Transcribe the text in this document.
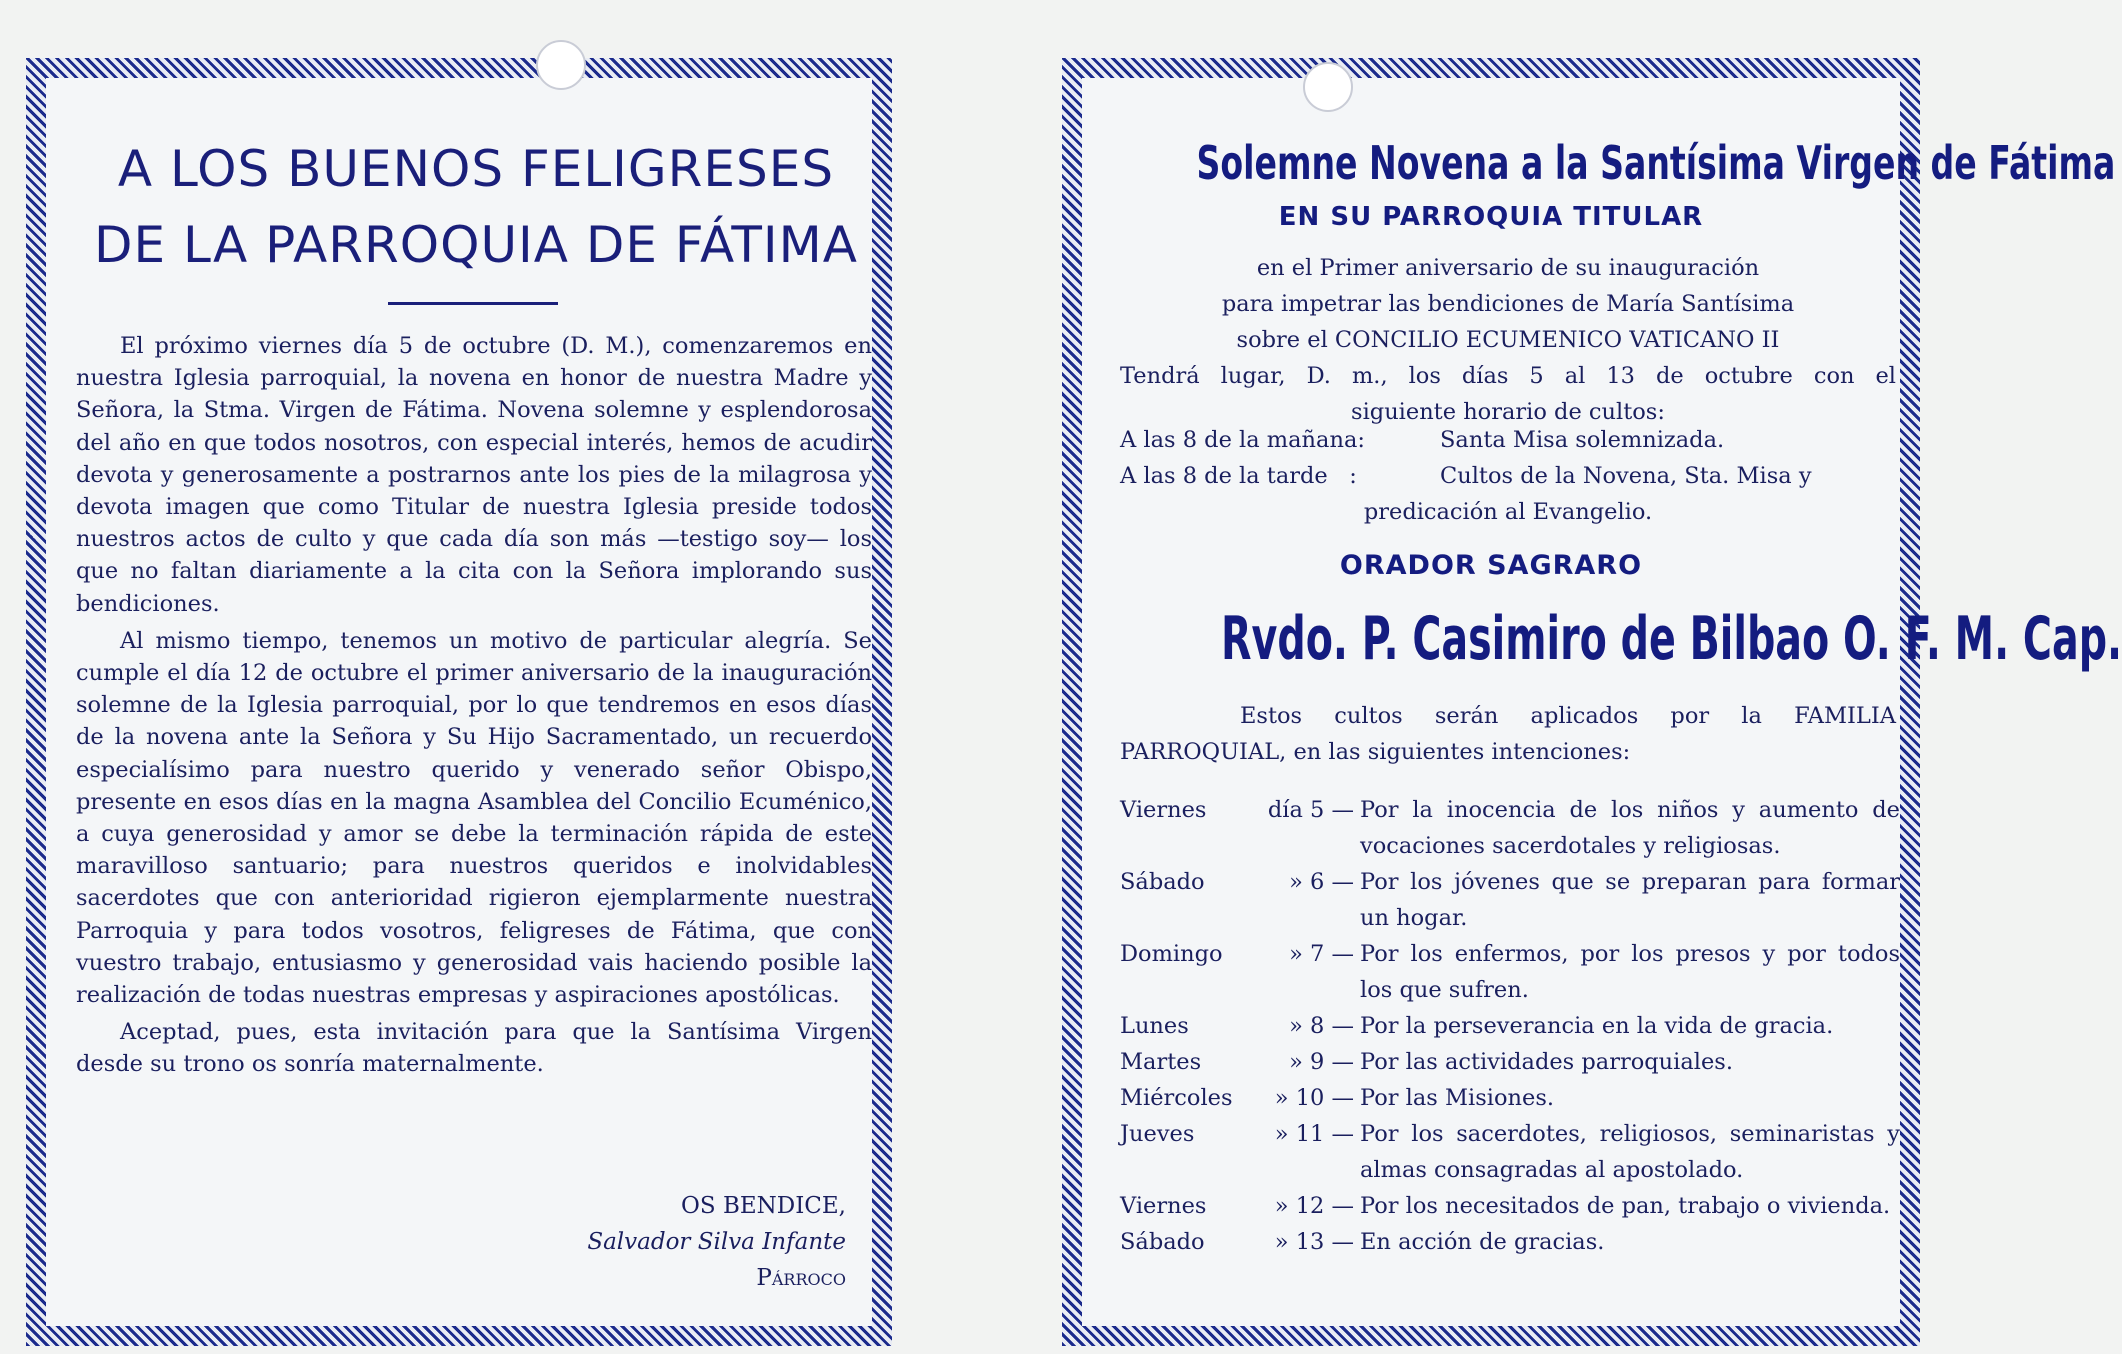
A LOS BUENOS FELIGRESES
DE LA PARROQUIA DE FÁTIMA

El próximo viernes día 5 de octubre (D. M.), comenzaremos en nuestra Iglesia parroquial, la novena en honor de nuestra Madre y Señora, la Stma. Virgen de Fátima. Novena solemne y esplendorosa del año en que todos nosotros, con especial interés, hemos de acudir devota y generosamente a postrarnos ante los pies de la milagrosa y devota imagen que como Titular de nuestra Iglesia preside todos nuestros actos de culto y que cada día son más —testigo soy— los que no faltan diariamente a la cita con la Señora implorando sus bendiciones.

Al mismo tiempo, tenemos un motivo de particular alegría. Se cumple el día 12 de octubre el primer aniversario de la inauguración solemne de la Iglesia parroquial, por lo que tendremos en esos días de la novena ante la Señora y Su Hijo Sacramentado, un recuerdo especialísimo para nuestro querido y venerado señor Obispo, presente en esos días en la magna Asamblea del Concilio Ecuménico, a cuya generosidad y amor se debe la terminación rápida de este maravilloso santuario; para nuestros queridos e inolvidables sacerdotes que con anterioridad rigieron ejemplarmente nuestra Parroquia y para todos vosotros, feligreses de Fátima, que con vuestro trabajo, entusiasmo y generosidad vais haciendo posible la realización de todas nuestras empresas y aspiraciones apostólicas.

Aceptad, pues, esta invitación para que la Santísima Virgen desde su trono os sonría maternalmente.

OS BENDICE,
Salvador Silva Infante
Párroco
Solemne Novena a la Santísima Virgen de Fátima
EN SU PARROQUIA TITULAR
en el Primer aniversario de su inauguración
para impetrar las bendiciones de María Santísima
sobre el CONCILIO ECUMENICO VATICANO II
Tendrá lugar, D. m., los días 5 al 13 de octubre con el
siguiente horario de cultos:
A las 8 de la mañana:	Santa Misa solemnizada.
A las 8 de la tarde   :	Cultos de la Novena, Sta. Misa y
predicación al Evangelio.
ORADOR SAGRARO
Rvdo. P. Casimiro de Bilbao O. F. M. Cap.
Estos cultos serán aplicados por la FAMILIA PARROQUIAL, en las siguientes intenciones:
Viernes	día 5 — Por la inocencia de los niños y aumento de vocaciones sacerdotales y religiosas.
Sábado	» 6 — Por los jóvenes que se preparan para formar un hogar.
Domingo	» 7 — Por los enfermos, por los presos y por todos los que sufren.
Lunes	» 8 — Por la perseverancia en la vida de gracia.
Martes	» 9 — Por las actividades parroquiales.
Miércoles	» 10 — Por las Misiones.
Jueves	» 11 — Por los sacerdotes, religiosos, seminaristas y almas consagradas al apostolado.
Viernes	» 12 — Por los necesitados de pan, trabajo o vivienda.
Sábado	» 13 — En acción de gracias.
